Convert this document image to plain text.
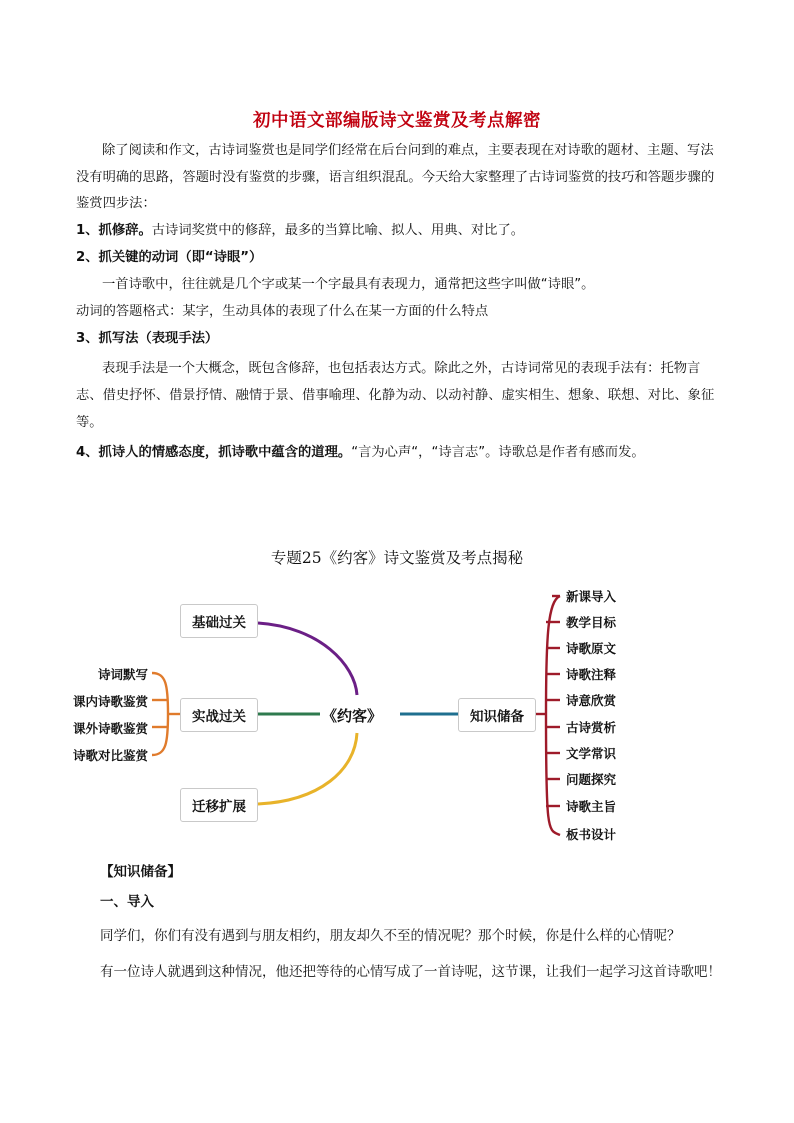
初中语文部编版诗文鉴赏及考点解密
除了阅读和作文，古诗词鉴赏也是同学们经常在后台问到的难点，主要表现在对诗歌的题材、主题、写法没有明确的思路，答题时没有鉴赏的步骤，语言组织混乱。今天给大家整理了古诗词鉴赏的技巧和答题步骤的鉴赏四步法：
1、抓修辞。古诗词奖赏中的修辞，最多的当算比喻、拟人、用典、对比了。
2、抓关键的动词（即“诗眼”）
一首诗歌中，往往就是几个字或某一个字最具有表现力，通常把这些字叫做“诗眼”。
动词的答题格式：某字，生动具体的表现了什么在某一方面的什么特点
3、抓写法（表现手法）
表现手法是一个大概念，既包含修辞，也包括表达方式。除此之外，古诗词常见的表现手法有：托物言志、借史抒怀、借景抒情、融情于景、借事喻理、化静为动、以动衬静、虚实相生、想象、联想、对比、象征等。
4、抓诗人的情感态度，抓诗歌中蕴含的道理。“言为心声“，“诗言志”。诗歌总是作者有感而发。
专题25《约客》诗文鉴赏及考点揭秘
基础过关
实战过关
迁移扩展
《约客》	知识储备
诗词默写
课内诗歌鉴赏
课外诗歌鉴赏
诗歌对比鉴赏
新课导入
教学目标
诗歌原文
诗歌注释
诗意欣赏
古诗赏析
文学常识
问题探究
诗歌主旨
板书设计
【知识储备】
一、导入
同学们，你们有没有遇到与朋友相约，朋友却久不至的情况呢？那个时候，你是什么样的心情呢？
有一位诗人就遇到这种情况，他还把等待的心情写成了一首诗呢，这节课，让我们一起学习这首诗歌吧！
